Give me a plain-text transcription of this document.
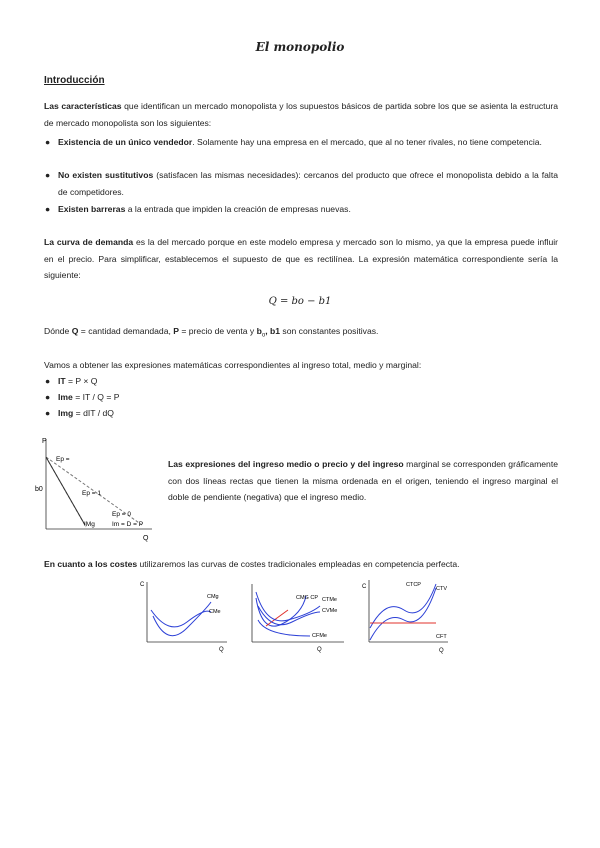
El monopolio
Introducción
Las características que identifican un mercado monopolista y los supuestos básicos de partida sobre los que se asienta la estructura de mercado monopolista son los siguientes:
● Existencia de un único vendedor. Solamente hay una empresa en el mercado, que al no tener rivales, no tiene competencia.
● No existen sustitutivos (satisfacen las mismas necesidades): cercanos del producto que ofrece el monopolista debido a la falta de competidores.
● Existen barreras a la entrada que impiden la creación de empresas nuevas.
La curva de demanda es la del mercado porque en este modelo empresa y mercado son lo mismo, ya que la empresa puede influir en el precio. Para simplificar, establecemos el supuesto de que es rectilínea. La expresión matemática correspondiente sería la siguiente:
Q = bo − b1
Dónde Q = cantidad demandada, P = precio de venta y $b_o$, b1 son constantes positivas.
Vamos a obtener las expresiones matemáticas correspondientes al ingreso total, medio y marginal:
● IT = P × Q
● Ime = IT / Q = P
● Img = dIT / dQ
P
b0
Ep =
Ep = 1
IMg
Ep = 0
Im = D = P
Q
Las expresiones del ingreso medio o precio y del ingreso marginal se corresponden gráficamente con dos líneas rectas que tienen la misma ordenada en el origen, teniendo el ingreso marginal el doble de pendiente (negativa) que el ingreso medio.
En cuanto a los costes utilizaremos las curvas de costes tradicionales empleadas en competencia perfecta.
C
CMg
CMe
Q
CMG CP CTMe
CVMe
CFMe
Q
C	CTCP
CTV
CFT
Q
